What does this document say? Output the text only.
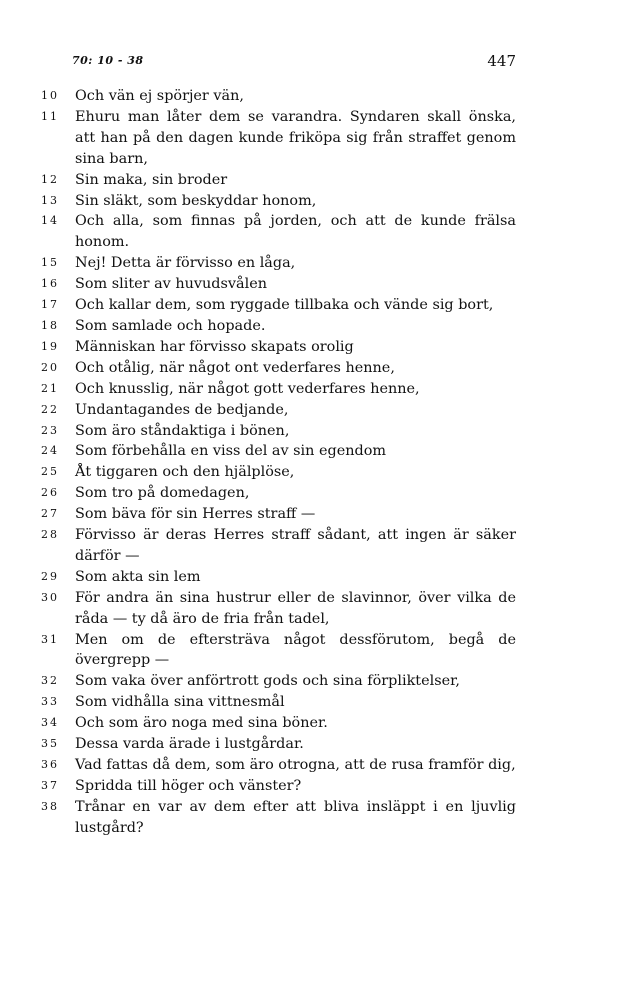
70: 10 - 38	447
10	Och vän ej spörjer vän,
11	Ehuru man låter dem se varandra. Syndaren skall önska, att han på den dagen kunde friköpa sig från straffet genom sina barn,
12	Sin maka, sin broder
13	Sin släkt, som beskyddar honom,
14	Och alla, som finnas på jorden, och att de kunde frälsa honom.
15	Nej! Detta är förvisso en låga,
16	Som sliter av huvudsvålen
17	Och kallar dem, som ryggade tillbaka och vände sig bort,
18	Som samlade och hopade.
19	Människan har förvisso skapats orolig
20	Och otålig, när något ont vederfares henne,
21	Och knusslig, när något gott vederfares henne,
22	Undantagandes de bedjande,
23	Som äro ståndaktiga i bönen,
24	Som förbehålla en viss del av sin egendom
25	Åt tiggaren och den hjälplöse,
26	Som tro på domedagen,
27	Som bäva för sin Herres straff —
28	Förvisso är deras Herres straff sådant, att ingen är säker därför —
29	Som akta sin lem
30	För andra än sina hustrur eller de slavinnor, över vilka de råda — ty då äro de fria från tadel,
31	Men om de eftersträva något dessförutom, begå de övergrepp —
32	Som vaka över anförtrott gods och sina förpliktelser,
33	Som vidhålla sina vittnesmål
34	Och som äro noga med sina böner.
35	Dessa varda ärade i lustgårdar.
36	Vad fattas då dem, som äro otrogna, att de rusa framför dig,
37	Spridda till höger och vänster?
38	Trånar en var av dem efter att bliva insläppt i en ljuvlig lustgård?
